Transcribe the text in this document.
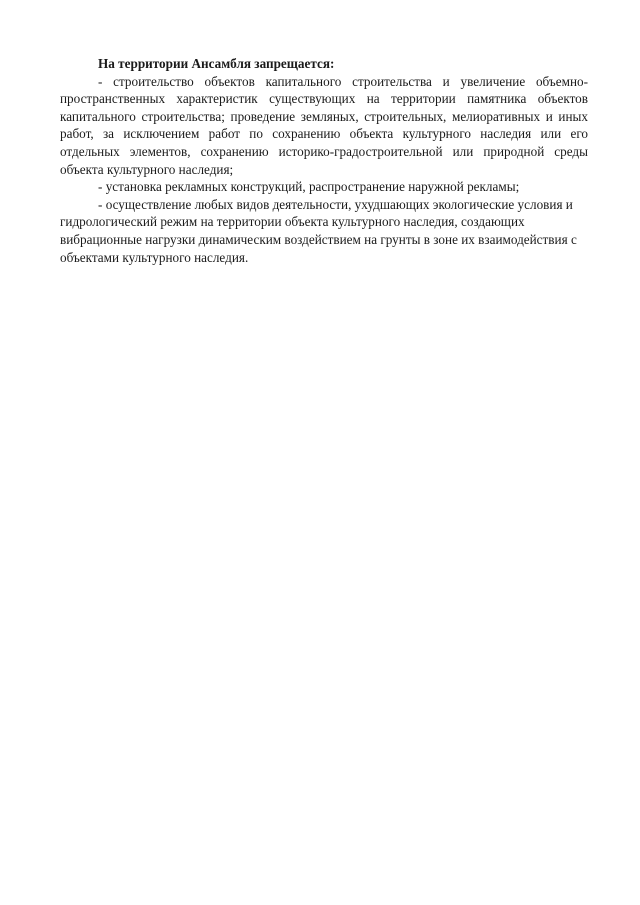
На территории Ансамбля запрещается:

- строительство объектов капитального строительства и увеличение объемно-пространственных характеристик существующих на территории памятника объектов капитального строительства; проведение земляных, строительных, мелиоративных и иных работ, за исключением работ по сохранению объекта культурного наследия или его отдельных элементов, сохранению историко-градостроительной или природной среды объекта культурного наследия;

- установка рекламных конструкций, распространение наружной рекламы;

- осуществление любых видов деятельности, ухудшающих экологические условия и гидрологический режим на территории объекта культурного наследия, создающих вибрационные нагрузки динамическим воздействием на грунты в зоне их взаимодействия с объектами культурного наследия.
